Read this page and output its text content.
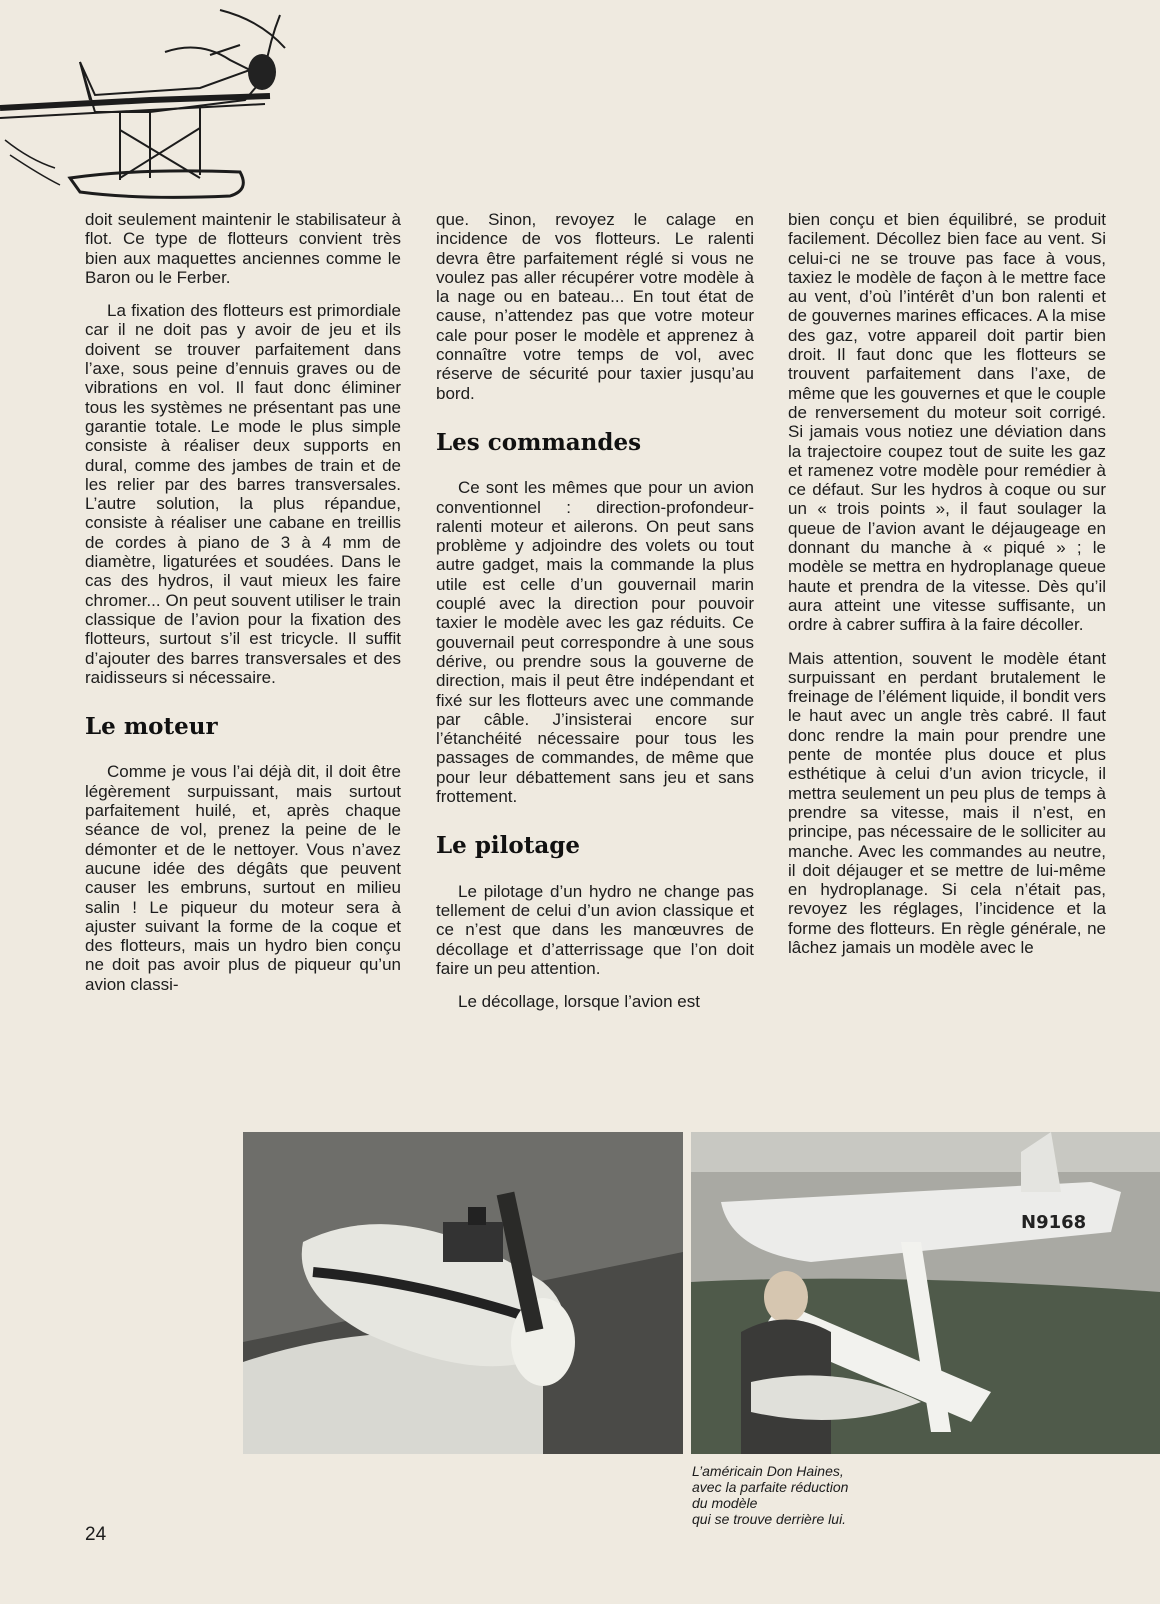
doit seulement maintenir le stabilisateur à flot. Ce type de flotteurs convient très bien aux maquettes anciennes comme le Baron ou le Ferber.

La fixation des flotteurs est primordiale car il ne doit pas y avoir de jeu et ils doivent se trouver parfaitement dans l’axe, sous peine d’ennuis graves ou de vibrations en vol. Il faut donc éliminer tous les systèmes ne présentant pas une garantie totale. Le mode le plus simple consiste à réaliser deux supports en dural, comme des jambes de train et de les relier par des barres transversales. L’autre solution, la plus répandue, consiste à réaliser une cabane en treillis de cordes à piano de 3 à 4 mm de diamètre, ligaturées et soudées. Dans le cas des hydros, il vaut mieux les faire chromer... On peut souvent utiliser le train classique de l’avion pour la fixation des flotteurs, surtout s’il est tricycle. Il suffit d’ajouter des barres transversales et des raidisseurs si nécessaire.

Le moteur

Comme je vous l’ai déjà dit, il doit être légèrement surpuissant, mais surtout parfaitement huilé, et, après chaque séance de vol, prenez la peine de le démonter et de le nettoyer. Vous n’avez aucune idée des dégâts que peuvent causer les embruns, surtout en milieu salin ! Le piqueur du moteur sera à ajuster suivant la forme de la coque et des flotteurs, mais un hydro bien conçu ne doit pas avoir plus de piqueur qu’un avion classi-

que. Sinon, revoyez le calage en incidence de vos flotteurs. Le ralenti devra être parfaitement réglé si vous ne voulez pas aller récupérer votre modèle à la nage ou en bateau... En tout état de cause, n’attendez pas que votre moteur cale pour poser le modèle et apprenez à connaître votre temps de vol, avec réserve de sécurité pour taxier jusqu’au bord.

Les commandes

Ce sont les mêmes que pour un avion conventionnel : direction-profondeur-ralenti moteur et ailerons. On peut sans problème y adjoindre des volets ou tout autre gadget, mais la commande la plus utile est celle d’un gouvernail marin couplé avec la direction pour pouvoir taxier le modèle avec les gaz réduits. Ce gouvernail peut correspondre à une sous dérive, ou prendre sous la gouverne de direction, mais il peut être indépendant et fixé sur les flotteurs avec une commande par câble. J’insisterai encore sur l’étanchéité nécessaire pour tous les passages de commandes, de même que pour leur débattement sans jeu et sans frottement.

Le pilotage

Le pilotage d’un hydro ne change pas tellement de celui d’un avion classique et ce n’est que dans les manœuvres de décollage et d’atterrissage que l’on doit faire un peu attention.

Le décollage, lorsque l’avion est

bien conçu et bien équilibré, se produit facilement. Décollez bien face au vent. Si celui-ci ne se trouve pas face à vous, taxiez le modèle de façon à le mettre face au vent, d’où l’intérêt d’un bon ralenti et de gouvernes marines efficaces. A la mise des gaz, votre appareil doit partir bien droit. Il faut donc que les flotteurs se trouvent parfaitement dans l’axe, de même que les gouvernes et que le couple de renversement du moteur soit corrigé. Si jamais vous notiez une déviation dans la trajectoire coupez tout de suite les gaz et ramenez votre modèle pour remédier à ce défaut. Sur les hydros à coque ou sur un « trois points », il faut soulager la queue de l’avion avant le déjaugeage en donnant du manche à « piqué » ; le modèle se mettra en hydroplanage queue haute et prendra de la vitesse. Dès qu’il aura atteint une vitesse suffisante, un ordre à cabrer suffira à la faire décoller.

Mais attention, souvent le modèle étant surpuissant en perdant brutalement le freinage de l’élément liquide, il bondit vers le haut avec un angle très cabré. Il faut donc rendre la main pour prendre une pente de montée plus douce et plus esthétique à celui d’un avion tricycle, il mettra seulement un peu plus de temps à prendre sa vitesse, mais il n’est, en principe, pas nécessaire de le solliciter au manche. Avec les commandes au neutre, il doit déjauger et se mettre de lui-même en hydroplanage. Si cela n’était pas, revoyez les réglages, l’incidence et la forme des flotteurs. En règle générale, ne lâchez jamais un modèle avec le

N9168
L’américain Don Haines,
avec la parfaite réduction
du modèle
qui se trouve derrière lui.
24
